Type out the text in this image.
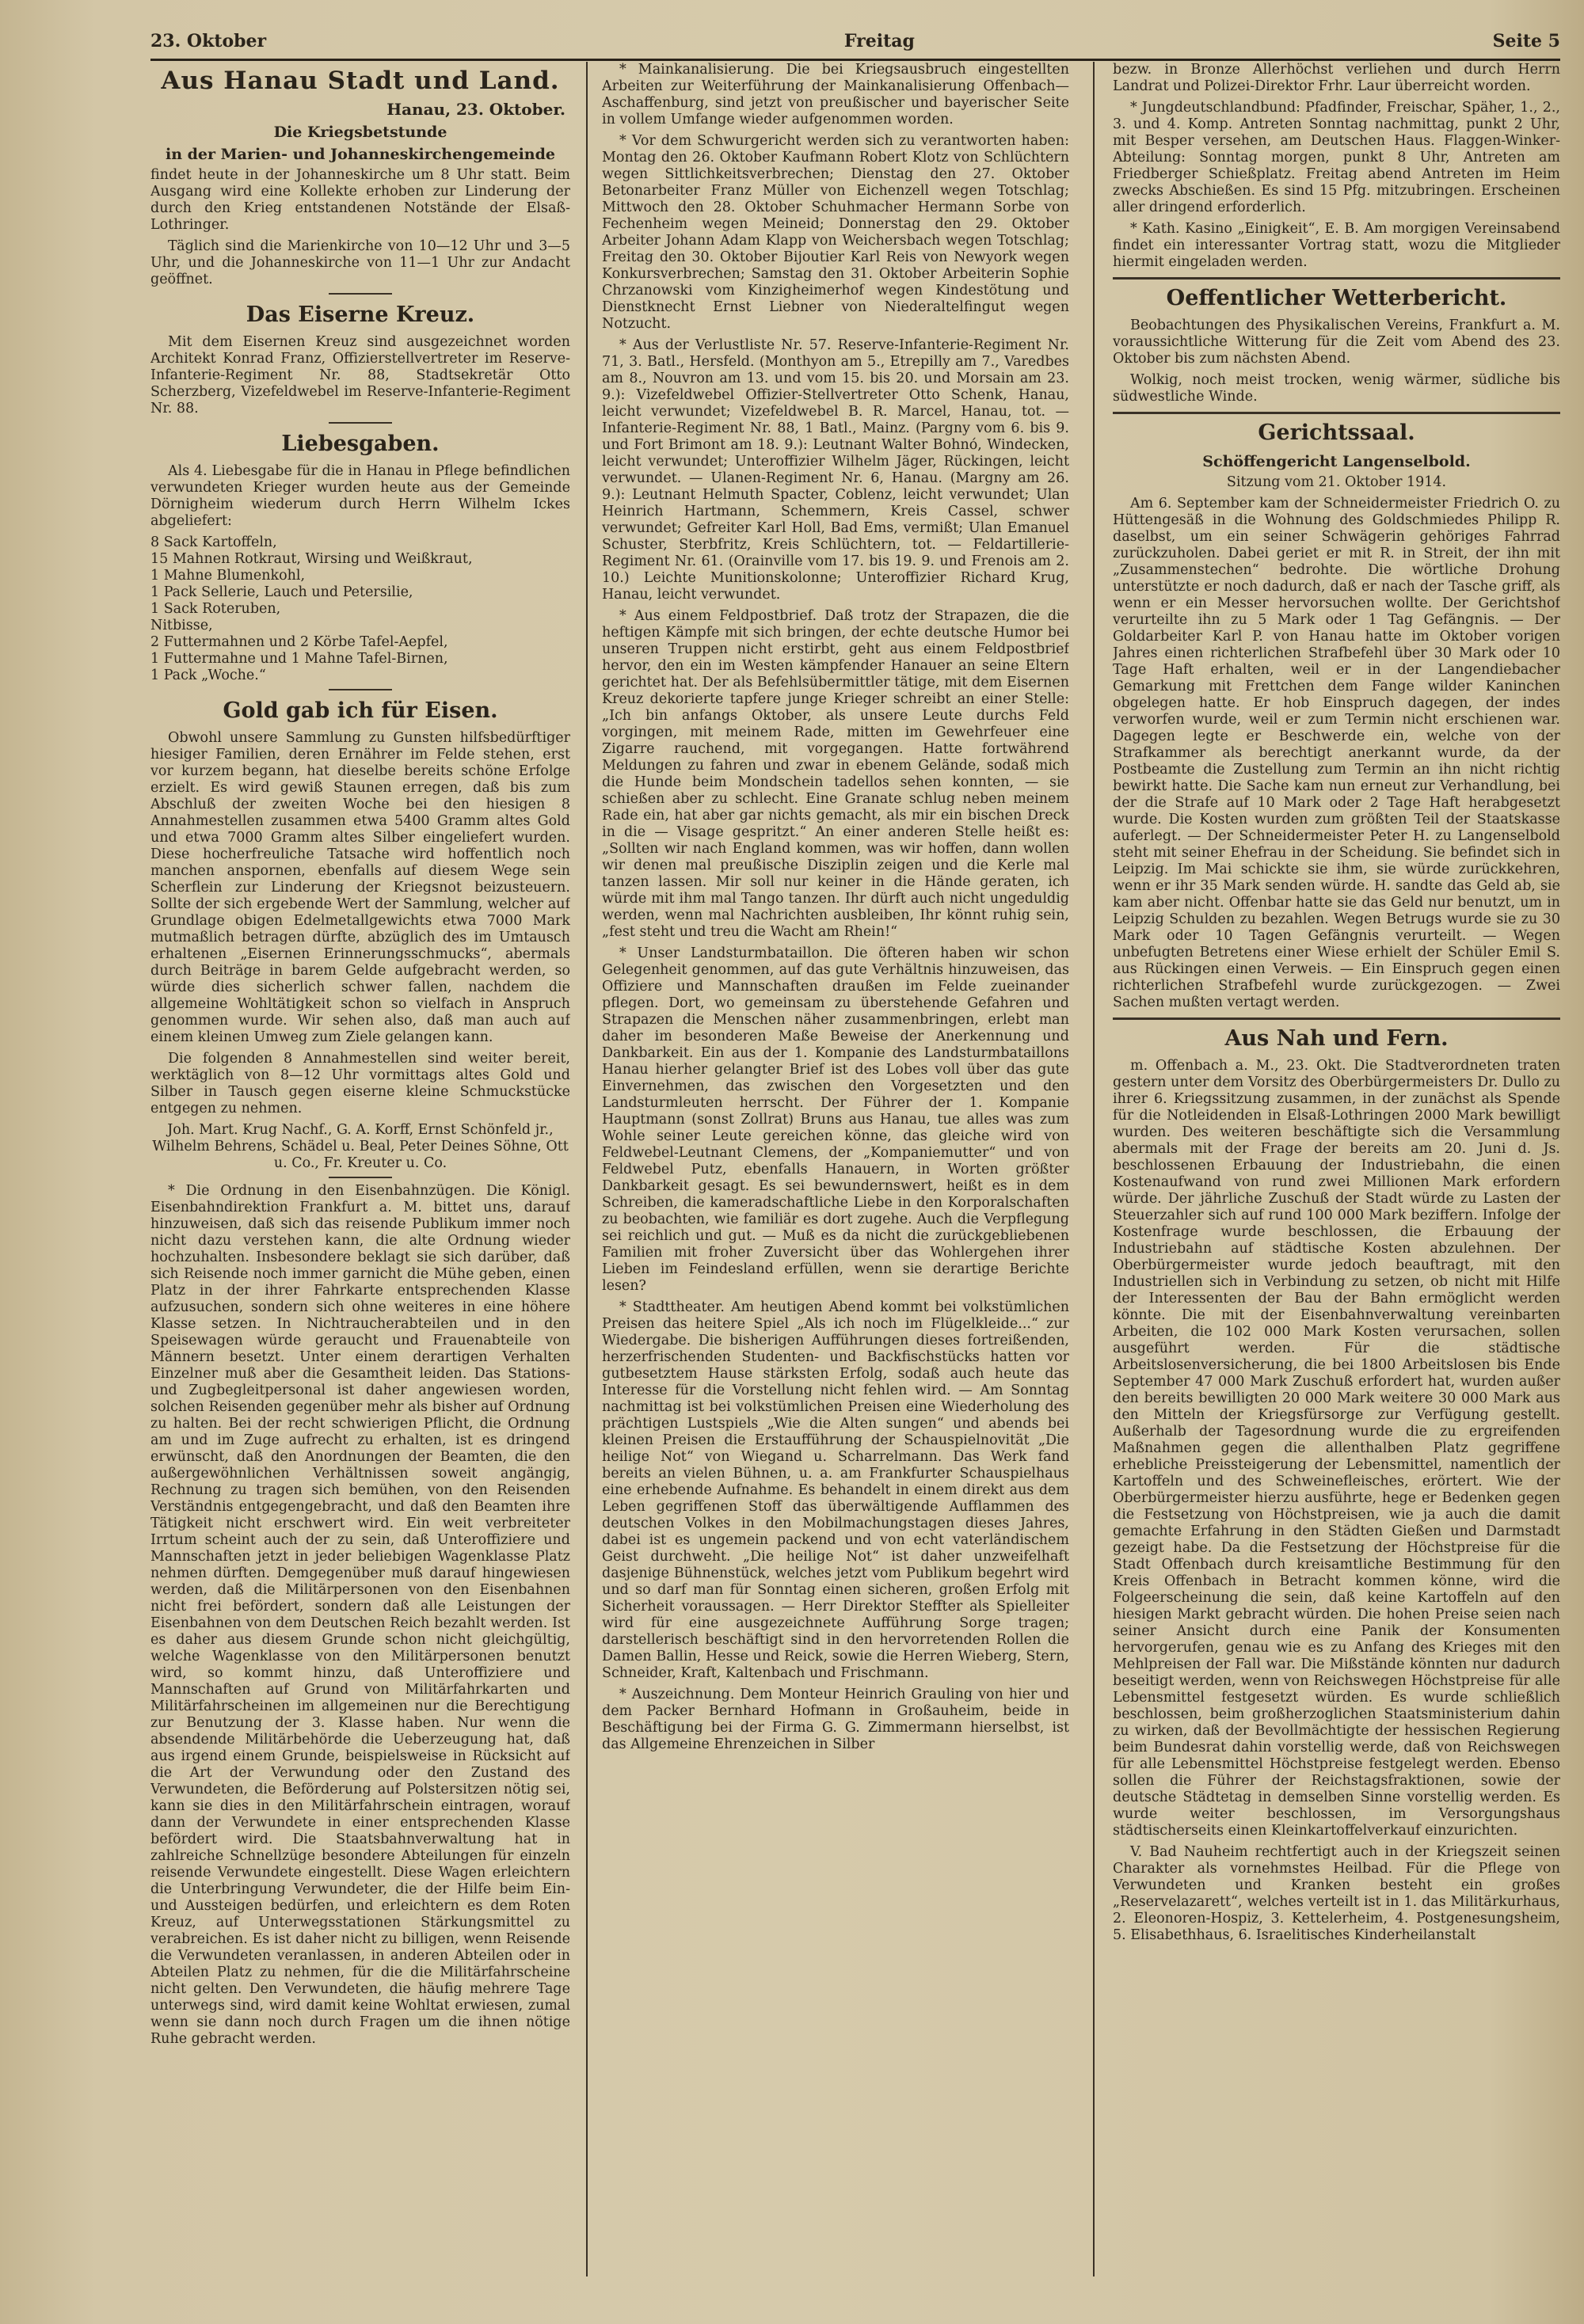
23. Oktober	Freitag	Seite 5
Aus Hanau Stadt und Land.
Hanau, 23. Oktober.
Die Kriegsbetstunde
in der Marien- und Johanneskirchengemeinde

findet heute in der Johanneskirche um 8 Uhr statt. Beim Ausgang wird eine Kollekte erhoben zur Linderung der durch den Krieg entstandenen Notstände der Elsaß-Lothringer.

Täglich sind die Marienkirche von 10—12 Uhr und 3—5 Uhr, und die Johanneskirche von 11—1 Uhr zur Andacht geöffnet.

Das Eiserne Kreuz.

Mit dem Eisernen Kreuz sind ausgezeichnet worden Architekt Konrad Franz, Offizierstellvertreter im Reserve-Infanterie-Regiment Nr. 88, Stadtsekretär Otto Scherzberg, Vizefeldwebel im Reserve-Infanterie-Regiment Nr. 88.

Liebesgaben.

Als 4. Liebesgabe für die in Hanau in Pflege befindlichen verwundeten Krieger wurden heute aus der Gemeinde Dörnigheim wiederum durch Herrn Wilhelm Ickes abgeliefert:

8 Sack Kartoffeln,
15 Mahnen Rotkraut, Wirsing und Weißkraut,
1 Mahne Blumenkohl,
1 Pack Sellerie, Lauch und Petersilie,
1 Sack Roteruben,
Nitbisse,
2 Futtermahnen und 2 Körbe Tafel-Aepfel,
1 Futtermahne und 1 Mahne Tafel-Birnen,
1 Pack „Woche.“
Gold gab ich für Eisen.

Obwohl unsere Sammlung zu Gunsten hilfsbedürftiger hiesiger Familien, deren Ernährer im Felde stehen, erst vor kurzem begann, hat dieselbe bereits schöne Erfolge erzielt. Es wird gewiß Staunen erregen, daß bis zum Abschluß der zweiten Woche bei den hiesigen 8 Annahmestellen zusammen etwa 5400 Gramm altes Gold und etwa 7000 Gramm altes Silber eingeliefert wurden. Diese hocherfreuliche Tatsache wird hoffentlich noch manchen anspornen, ebenfalls auf diesem Wege sein Scherflein zur Linderung der Kriegsnot beizusteuern. Sollte der sich ergebende Wert der Sammlung, welcher auf Grundlage obigen Edelmetallgewichts etwa 7000 Mark mutmaßlich betragen dürfte, abzüglich des im Umtausch erhaltenen „Eisernen Erinnerungsschmucks“, abermals durch Beiträge in barem Gelde aufgebracht werden, so würde dies sicherlich schwer fallen, nachdem die allgemeine Wohltätigkeit schon so vielfach in Anspruch genommen wurde. Wir sehen also, daß man auch auf einem kleinen Umweg zum Ziele gelangen kann.

Die folgenden 8 Annahmestellen sind weiter bereit, werktäglich von 8—12 Uhr vormittags altes Gold und Silber in Tausch gegen eiserne kleine Schmuckstücke entgegen zu nehmen.

Joh. Mart. Krug Nachf., G. A. Korff, Ernst Schönfeld jr., Wilhelm Behrens, Schädel u. Beal, Peter Deines Söhne, Ott u. Co., Fr. Kreuter u. Co.

* Die Ordnung in den Eisenbahnzügen. Die Königl. Eisenbahndirektion Frankfurt a. M. bittet uns, darauf hinzuweisen, daß sich das reisende Publikum immer noch nicht dazu verstehen kann, die alte Ordnung wieder hochzuhalten. Insbesondere beklagt sie sich darüber, daß sich Reisende noch immer garnicht die Mühe geben, einen Platz in der ihrer Fahrkarte entsprechenden Klasse aufzusuchen, sondern sich ohne weiteres in eine höhere Klasse setzen. In Nichtraucherabteilen und in den Speisewagen würde geraucht und Frauenabteile von Männern besetzt. Unter einem derartigen Verhalten Einzelner muß aber die Gesamtheit leiden. Das Stations- und Zugbegleitpersonal ist daher angewiesen worden, solchen Reisenden gegenüber mehr als bisher auf Ordnung zu halten. Bei der recht schwierigen Pflicht, die Ordnung am und im Zuge aufrecht zu erhalten, ist es dringend erwünscht, daß den Anordnungen der Beamten, die den außergewöhnlichen Verhältnissen soweit angängig, Rechnung zu tragen sich bemühen, von den Reisenden Verständnis entgegengebracht, und daß den Beamten ihre Tätigkeit nicht erschwert wird. Ein weit verbreiteter Irrtum scheint auch der zu sein, daß Unteroffiziere und Mannschaften jetzt in jeder beliebigen Wagenklasse Platz nehmen dürften. Demgegenüber muß darauf hingewiesen werden, daß die Militärpersonen von den Eisenbahnen nicht frei befördert, sondern daß alle Leistungen der Eisenbahnen von dem Deutschen Reich bezahlt werden. Ist es daher aus diesem Grunde schon nicht gleichgültig, welche Wagenklasse von den Militärpersonen benutzt wird, so kommt hinzu, daß Unteroffiziere und Mannschaften auf Grund von Militärfahrkarten und Militärfahrscheinen im allgemeinen nur die Berechtigung zur Benutzung der 3. Klasse haben. Nur wenn die absendende Militärbehörde die Ueberzeugung hat, daß aus irgend einem Grunde, beispielsweise in Rücksicht auf die Art der Verwundung oder den Zustand des Verwundeten, die Beförderung auf Polstersitzen nötig sei, kann sie dies in den Militärfahrschein eintragen, worauf dann der Verwundete in einer entsprechenden Klasse befördert wird. Die Staatsbahnverwaltung hat in zahlreiche Schnellzüge besondere Abteilungen für einzeln reisende Verwundete eingestellt. Diese Wagen erleichtern die Unterbringung Verwundeter, die der Hilfe beim Ein- und Aussteigen bedürfen, und erleichtern es dem Roten Kreuz, auf Unterwegsstationen Stärkungsmittel zu verabreichen. Es ist daher nicht zu billigen, wenn Reisende die Verwundeten veranlassen, in anderen Abteilen oder in Abteilen Platz zu nehmen, für die die Militärfahrscheine nicht gelten. Den Verwundeten, die häufig mehrere Tage unterwegs sind, wird damit keine Wohltat erwiesen, zumal wenn sie dann noch durch Fragen um die ihnen nötige Ruhe gebracht werden.

* Mainkanalisierung. Die bei Kriegsausbruch eingestellten Arbeiten zur Weiterführung der Mainkanalisierung Offenbach—Aschaffenburg, sind jetzt von preußischer und bayerischer Seite in vollem Umfange wieder aufgenommen worden.

* Vor dem Schwurgericht werden sich zu verantworten haben: Montag den 26. Oktober Kaufmann Robert Klotz von Schlüchtern wegen Sittlichkeitsverbrechen; Dienstag den 27. Oktober Betonarbeiter Franz Müller von Eichenzell wegen Totschlag; Mittwoch den 28. Oktober Schuhmacher Hermann Sorbe von Fechenheim wegen Meineid; Donnerstag den 29. Oktober Arbeiter Johann Adam Klapp von Weichersbach wegen Totschlag; Freitag den 30. Oktober Bijoutier Karl Reis von Newyork wegen Konkursverbrechen; Samstag den 31. Oktober Arbeiterin Sophie Chrzanowski vom Kinzigheimerhof wegen Kindestötung und Dienstknecht Ernst Liebner von Niederaltelfingut wegen Notzucht.

* Aus der Verlustliste Nr. 57. Reserve-Infanterie-Regiment Nr. 71, 3. Batl., Hersfeld. (Monthyon am 5., Etrepilly am 7., Varedbes am 8., Nouvron am 13. und vom 15. bis 20. und Morsain am 23. 9.): Vizefeldwebel Offizier-Stellvertreter Otto Schenk, Hanau, leicht verwundet; Vizefeldwebel B. R. Marcel, Hanau, tot. — Infanterie-Regiment Nr. 88, 1 Batl., Mainz. (Pargny vom 6. bis 9. und Fort Brimont am 18. 9.): Leutnant Walter Bohnó, Windecken, leicht verwundet; Unteroffizier Wilhelm Jäger, Rückingen, leicht verwundet. — Ulanen-Regiment Nr. 6, Hanau. (Margny am 26. 9.): Leutnant Helmuth Spacter, Coblenz, leicht verwundet; Ulan Heinrich Hartmann, Schemmern, Kreis Cassel, schwer verwundet; Gefreiter Karl Holl, Bad Ems, vermißt; Ulan Emanuel Schuster, Sterbfritz, Kreis Schlüchtern, tot. — Feldartillerie-Regiment Nr. 61. (Orainville vom 17. bis 19. 9. und Frenois am 2. 10.) Leichte Munitionskolonne; Unteroffizier Richard Krug, Hanau, leicht verwundet.

* Aus einem Feldpostbrief. Daß trotz der Strapazen, die die heftigen Kämpfe mit sich bringen, der echte deutsche Humor bei unseren Truppen nicht erstirbt, geht aus einem Feldpostbrief hervor, den ein im Westen kämpfender Hanauer an seine Eltern gerichtet hat. Der als Befehlsübermittler tätige, mit dem Eisernen Kreuz dekorierte tapfere junge Krieger schreibt an einer Stelle: „Ich bin anfangs Oktober, als unsere Leute durchs Feld vorgingen, mit meinem Rade, mitten im Gewehrfeuer eine Zigarre rauchend, mit vorgegangen. Hatte fortwährend Meldungen zu fahren und zwar in ebenem Gelände, sodaß mich die Hunde beim Mondschein tadellos sehen konnten, — sie schießen aber zu schlecht. Eine Granate schlug neben meinem Rade ein, hat aber gar nichts gemacht, als mir ein bischen Dreck in die — Visage gespritzt.“ An einer anderen Stelle heißt es: „Sollten wir nach England kommen, was wir hoffen, dann wollen wir denen mal preußische Disziplin zeigen und die Kerle mal tanzen lassen. Mir soll nur keiner in die Hände geraten, ich würde mit ihm mal Tango tanzen. Ihr dürft auch nicht ungeduldig werden, wenn mal Nachrichten ausbleiben, Ihr könnt ruhig sein, „fest steht und treu die Wacht am Rhein!“

* Unser Landsturmbataillon. Die öfteren haben wir schon Gelegenheit genommen, auf das gute Verhältnis hinzuweisen, das Offiziere und Mannschaften draußen im Felde zueinander pflegen. Dort, wo gemeinsam zu überstehende Gefahren und Strapazen die Menschen näher zusammenbringen, erlebt man daher im besonderen Maße Beweise der Anerkennung und Dankbarkeit. Ein aus der 1. Kompanie des Landsturmbataillons Hanau hierher gelangter Brief ist des Lobes voll über das gute Einvernehmen, das zwischen den Vorgesetzten und den Landsturmleuten herrscht. Der Führer der 1. Kompanie Hauptmann (sonst Zollrat) Bruns aus Hanau, tue alles was zum Wohle seiner Leute gereichen könne, das gleiche wird von Feldwebel-Leutnant Clemens, der „Kompaniemutter“ und von Feldwebel Putz, ebenfalls Hanauern, in Worten größter Dankbarkeit gesagt. Es sei bewundernswert, heißt es in dem Schreiben, die kameradschaftliche Liebe in den Korporalschaften zu beobachten, wie familiär es dort zugehe. Auch die Verpflegung sei reichlich und gut. — Muß es da nicht die zurückgebliebenen Familien mit froher Zuversicht über das Wohlergehen ihrer Lieben im Feindesland erfüllen, wenn sie derartige Berichte lesen?

* Stadttheater. Am heutigen Abend kommt bei volkstümlichen Preisen das heitere Spiel „Als ich noch im Flügelkleide...“ zur Wiedergabe. Die bisherigen Aufführungen dieses fortreißenden, herzerfrischenden Studenten- und Backfischstücks hatten vor gutbesetztem Hause stärksten Erfolg, sodaß auch heute das Interesse für die Vorstellung nicht fehlen wird. — Am Sonntag nachmittag ist bei volkstümlichen Preisen eine Wiederholung des prächtigen Lustspiels „Wie die Alten sungen“ und abends bei kleinen Preisen die Erstaufführung der Schauspielnovität „Die heilige Not“ von Wiegand u. Scharrelmann. Das Werk fand bereits an vielen Bühnen, u. a. am Frankfurter Schauspielhaus eine erhebende Aufnahme. Es behandelt in einem direkt aus dem Leben gegriffenen Stoff das überwältigende Aufflammen des deutschen Volkes in den Mobilmachungstagen dieses Jahres, dabei ist es ungemein packend und von echt vaterländischem Geist durchweht. „Die heilige Not“ ist daher unzweifelhaft dasjenige Bühnenstück, welches jetzt vom Publikum begehrt wird und so darf man für Sonntag einen sicheren, großen Erfolg mit Sicherheit voraussagen. — Herr Direktor Steffter als Spielleiter wird für eine ausgezeichnete Aufführung Sorge tragen; darstellerisch beschäftigt sind in den hervorretenden Rollen die Damen Ballin, Hesse und Reick, sowie die Herren Wieberg, Stern, Schneider, Kraft, Kaltenbach und Frischmann.

* Auszeichnung. Dem Monteur Heinrich Grauling von hier und dem Packer Bernhard Hofmann in Großauheim, beide in Beschäftigung bei der Firma G. G. Zimmermann hierselbst, ist das Allgemeine Ehrenzeichen in Silber

bezw. in Bronze Allerhöchst verliehen und durch Herrn Landrat und Polizei-Direktor Frhr. Laur überreicht worden.

* Jungdeutschlandbund: Pfadfinder, Freischar, Späher, 1., 2., 3. und 4. Komp. Antreten Sonntag nachmittag, punkt 2 Uhr, mit Besper versehen, am Deutschen Haus. Flaggen-Winker-Abteilung: Sonntag morgen, punkt 8 Uhr, Antreten am Friedberger Schießplatz. Freitag abend Antreten im Heim zwecks Abschießen. Es sind 15 Pfg. mitzubringen. Erscheinen aller dringend erforderlich.

* Kath. Kasino „Einigkeit“, E. B. Am morgigen Vereinsabend findet ein interessanter Vortrag statt, wozu die Mitglieder hiermit eingeladen werden.

Oeffentlicher Wetterbericht.

Beobachtungen des Physikalischen Vereins, Frankfurt a. M. voraussichtliche Witterung für die Zeit vom Abend des 23. Oktober bis zum nächsten Abend.

Wolkig, noch meist trocken, wenig wärmer, südliche bis südwestliche Winde.

Gerichtssaal.
Schöffengericht Langenselbold.

Sitzung vom 21. Oktober 1914.

Am 6. September kam der Schneidermeister Friedrich O. zu Hüttengesäß in die Wohnung des Goldschmiedes Philipp R. daselbst, um ein seiner Schwägerin gehöriges Fahrrad zurückzuholen. Dabei geriet er mit R. in Streit, der ihn mit „Zusammenstechen“ bedrohte. Die wörtliche Drohung unterstützte er noch dadurch, daß er nach der Tasche griff, als wenn er ein Messer hervorsuchen wollte. Der Gerichtshof verurteilte ihn zu 5 Mark oder 1 Tag Gefängnis. — Der Goldarbeiter Karl P. von Hanau hatte im Oktober vorigen Jahres einen richterlichen Strafbefehl über 30 Mark oder 10 Tage Haft erhalten, weil er in der Langendiebacher Gemarkung mit Frettchen dem Fange wilder Kaninchen obgelegen hatte. Er hob Einspruch dagegen, der indes verworfen wurde, weil er zum Termin nicht erschienen war. Dagegen legte er Beschwerde ein, welche von der Strafkammer als berechtigt anerkannt wurde, da der Postbeamte die Zustellung zum Termin an ihn nicht richtig bewirkt hatte. Die Sache kam nun erneut zur Verhandlung, bei der die Strafe auf 10 Mark oder 2 Tage Haft herabgesetzt wurde. Die Kosten wurden zum größten Teil der Staatskasse auferlegt. — Der Schneidermeister Peter H. zu Langenselbold steht mit seiner Ehefrau in der Scheidung. Sie befindet sich in Leipzig. Im Mai schickte sie ihm, sie würde zurückkehren, wenn er ihr 35 Mark senden würde. H. sandte das Geld ab, sie kam aber nicht. Offenbar hatte sie das Geld nur benutzt, um in Leipzig Schulden zu bezahlen. Wegen Betrugs wurde sie zu 30 Mark oder 10 Tagen Gefängnis verurteilt. — Wegen unbefugten Betretens einer Wiese erhielt der Schüler Emil S. aus Rückingen einen Verweis. — Ein Einspruch gegen einen richterlichen Strafbefehl wurde zurückgezogen. — Zwei Sachen mußten vertagt werden.

Aus Nah und Fern.

m. Offenbach a. M., 23. Okt. Die Stadtverordneten traten gestern unter dem Vorsitz des Oberbürgermeisters Dr. Dullo zu ihrer 6. Kriegssitzung zusammen, in der zunächst als Spende für die Notleidenden in Elsaß-Lothringen 2000 Mark bewilligt wurden. Des weiteren beschäftigte sich die Versammlung abermals mit der Frage der bereits am 20. Juni d. Js. beschlossenen Erbauung der Industriebahn, die einen Kostenaufwand von rund zwei Millionen Mark erfordern würde. Der jährliche Zuschuß der Stadt würde zu Lasten der Steuerzahler sich auf rund 100 000 Mark beziffern. Infolge der Kostenfrage wurde beschlossen, die Erbauung der Industriebahn auf städtische Kosten abzulehnen. Der Oberbürgermeister wurde jedoch beauftragt, mit den Industriellen sich in Verbindung zu setzen, ob nicht mit Hilfe der Interessenten der Bau der Bahn ermöglicht werden könnte. Die mit der Eisenbahnverwaltung vereinbarten Arbeiten, die 102 000 Mark Kosten verursachen, sollen ausgeführt werden. Für die städtische Arbeitslosenversicherung, die bei 1800 Arbeitslosen bis Ende September 47 000 Mark Zuschuß erfordert hat, wurden außer den bereits bewilligten 20 000 Mark weitere 30 000 Mark aus den Mitteln der Kriegsfürsorge zur Verfügung gestellt. Außerhalb der Tagesordnung wurde die zu ergreifenden Maßnahmen gegen die allenthalben Platz gegriffene erhebliche Preissteigerung der Lebensmittel, namentlich der Kartoffeln und des Schweinefleisches, erörtert. Wie der Oberbürgermeister hierzu ausführte, hege er Bedenken gegen die Festsetzung von Höchstpreisen, wie ja auch die damit gemachte Erfahrung in den Städten Gießen und Darmstadt gezeigt habe. Da die Festsetzung der Höchstpreise für die Stadt Offenbach durch kreisamtliche Bestimmung für den Kreis Offenbach in Betracht kommen könne, wird die Folgeerscheinung die sein, daß keine Kartoffeln auf den hiesigen Markt gebracht würden. Die hohen Preise seien nach seiner Ansicht durch eine Panik der Konsumenten hervorgerufen, genau wie es zu Anfang des Krieges mit den Mehlpreisen der Fall war. Die Mißstände könnten nur dadurch beseitigt werden, wenn von Reichswegen Höchstpreise für alle Lebensmittel festgesetzt würden. Es wurde schließlich beschlossen, beim großherzoglichen Staatsministerium dahin zu wirken, daß der Bevollmächtigte der hessischen Regierung beim Bundesrat dahin vorstellig werde, daß von Reichswegen für alle Lebensmittel Höchstpreise festgelegt werden. Ebenso sollen die Führer der Reichstagsfraktionen, sowie der deutsche Städtetag in demselben Sinne vorstellig werden. Es wurde weiter beschlossen, im Versorgungshaus städtischerseits einen Kleinkartoffelverkauf einzurichten.

V. Bad Nauheim rechtfertigt auch in der Kriegszeit seinen Charakter als vornehmstes Heilbad. Für die Pflege von Verwundeten und Kranken besteht ein großes „Reservelazarett“, welches verteilt ist in 1. das Militärkurhaus, 2. Eleonoren-Hospiz, 3. Kettelerheim, 4. Postgenesungsheim, 5. Elisabethhaus, 6. Israelitisches Kinderheilanstalt
